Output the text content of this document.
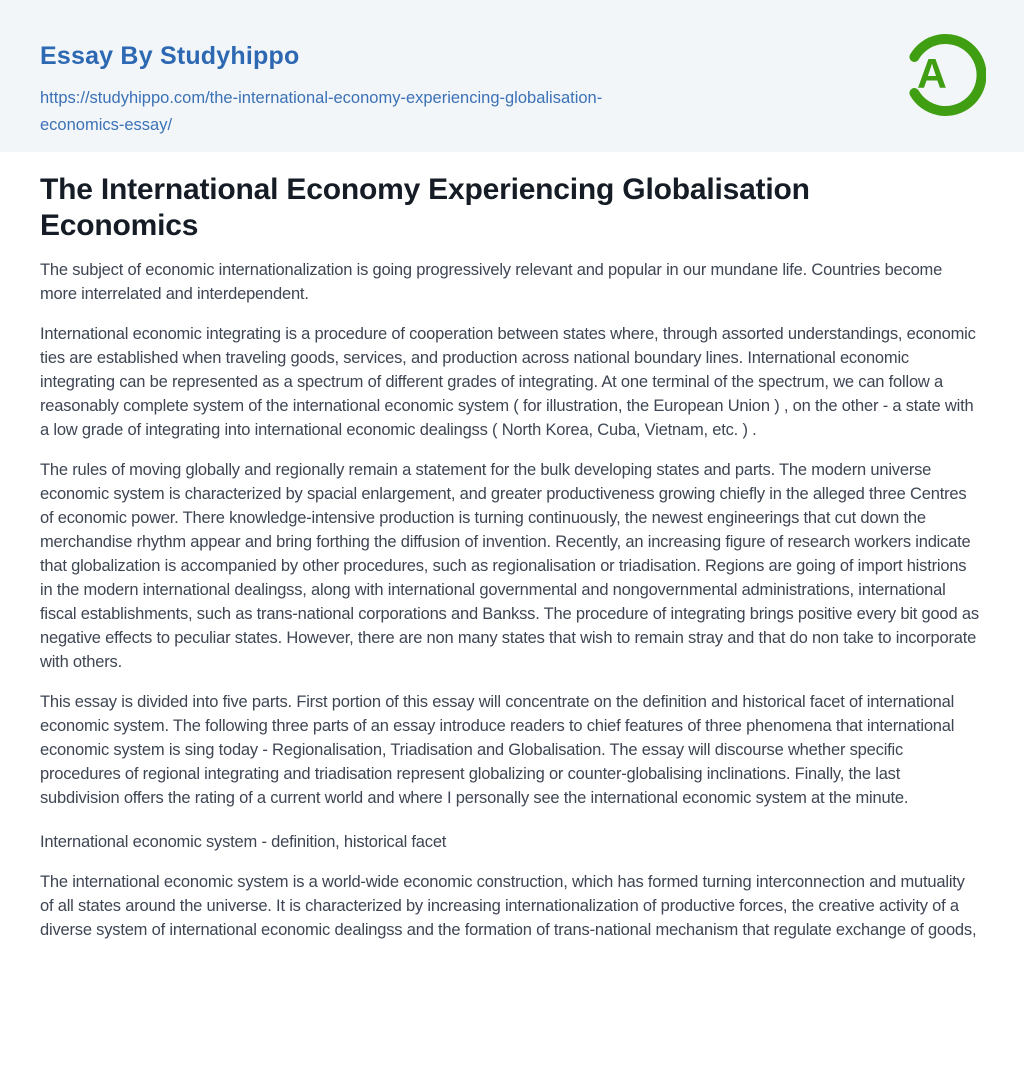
Essay By Studyhippo
https://studyhippo.com/the-international-economy-experiencing-globalisation-economics-essay/
A
The International Economy Experiencing Globalisation Economics

The subject of economic internationalization is going progressively relevant and popular in our mundane life. Countries become more interrelated and interdependent.

International economic integrating is a procedure of cooperation between states where, through assorted understandings, economic ties are established when traveling goods, services, and production across national boundary lines. International economic integrating can be represented as a spectrum of different grades of integrating. At one terminal of the spectrum, we can follow a reasonably complete system of the international economic system ( for illustration, the European Union ) , on the other - a state with a low grade of integrating into international economic dealingss ( North Korea, Cuba, Vietnam, etc. ) .

The rules of moving globally and regionally remain a statement for the bulk developing states and parts. The modern universe economic system is characterized by spacial enlargement, and greater productiveness growing chiefly in the alleged three Centres of economic power. There knowledge-intensive production is turning continuously, the newest engineerings that cut down the merchandise rhythm appear and bring forthing the diffusion of invention. Recently, an increasing figure of research workers indicate that globalization is accompanied by other procedures, such as regionalisation or triadisation. Regions are going of import histrions in the modern international dealingss, along with international governmental and nongovernmental administrations, international fiscal establishments, such as trans-national corporations and Bankss. The procedure of integrating brings positive every bit good as negative effects to peculiar states. However, there are non many states that wish to remain stray and that do non take to incorporate with others.

This essay is divided into five parts. First portion of this essay will concentrate on the definition and historical facet of international economic system. The following three parts of an essay introduce readers to chief features of three phenomena that international economic system is sing today - Regionalisation, Triadisation and Globalisation. The essay will discourse whether specific procedures of regional integrating and triadisation represent globalizing or counter-globalising inclinations. Finally, the last subdivision offers the rating of a current world and where I personally see the international economic system at the minute.

International economic system - definition, historical facet

The international economic system is a world-wide economic construction, which has formed turning interconnection and mutuality of all states around the universe. It is characterized by increasing internationalization of productive forces, the creative activity of a diverse system of international economic dealingss and the formation of trans-national mechanism that regulate exchange of goods,
